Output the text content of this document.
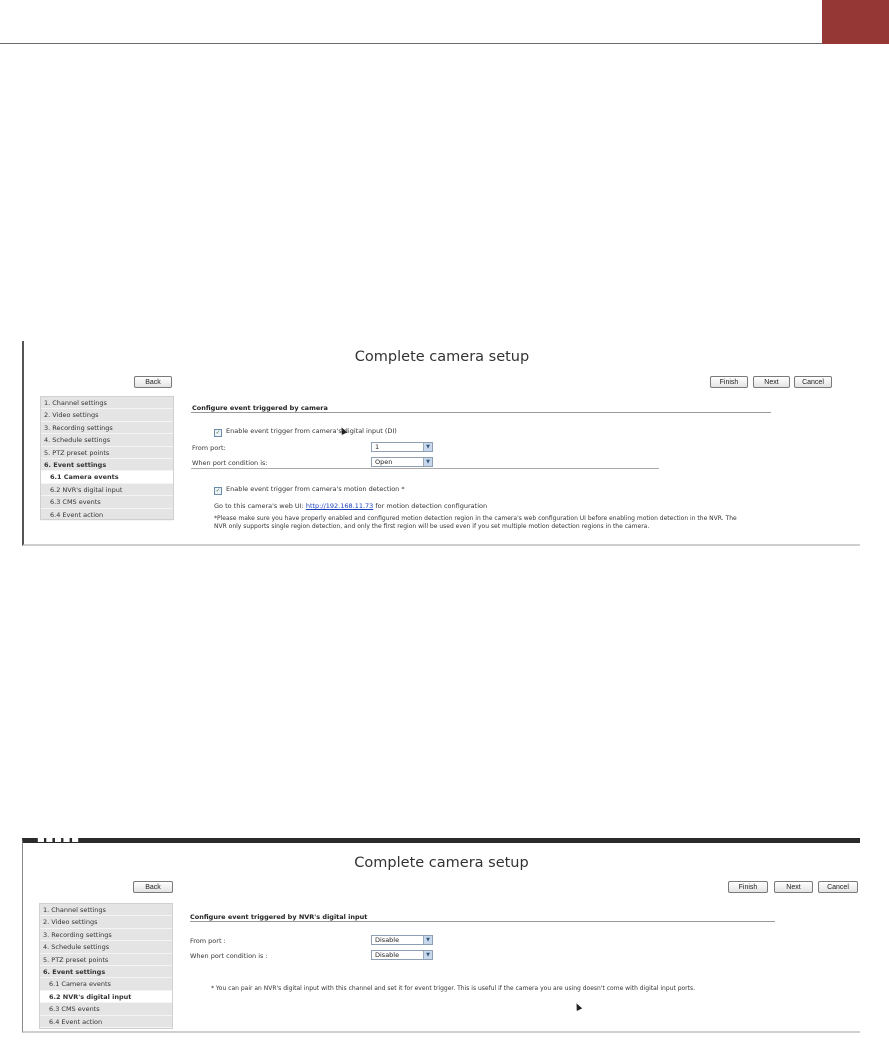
Complete camera setup
Back	Finish	Next	Cancel
1. Channel settings
2. Video settings
3. Recording settings
4. Schedule settings
5. PTZ preset points
6. Event settings
6.1 Camera events
6.2 NVR's digital input
6.3 CMS events
6.4 Event action
Configure event triggered by camera
✓ Enable event trigger from camera's digital input (DI)
From port:	1	▼
When port condition is:	Open	▼
✓ Enable event trigger from camera's motion detection *
Go to this camera's web UI: http://192.168.11.73 for motion detection configuration
*Please make sure you have properly enabled and configured motion detection region in the camera's web configuration UI before enabling motion detection in the NVR. The
NVR only supports single region detection, and only the first region will be used even if you set multiple motion detection regions in the camera.
■■■■■
Complete camera setup
Back	Finish	Next	Cancel
1. Channel settings
2. Video settings
3. Recording settings
4. Schedule settings
5. PTZ preset points
6. Event settings
6.1 Camera events
6.2 NVR's digital input
6.3 CMS events
6.4 Event action
Configure event triggered by NVR's digital input
From port :	Disable	▼
When port condition is :	Disable	▼
* You can pair an NVR's digital input with this channel and set it for event trigger. This is useful if the camera you are using doesn't come with digital input ports.
